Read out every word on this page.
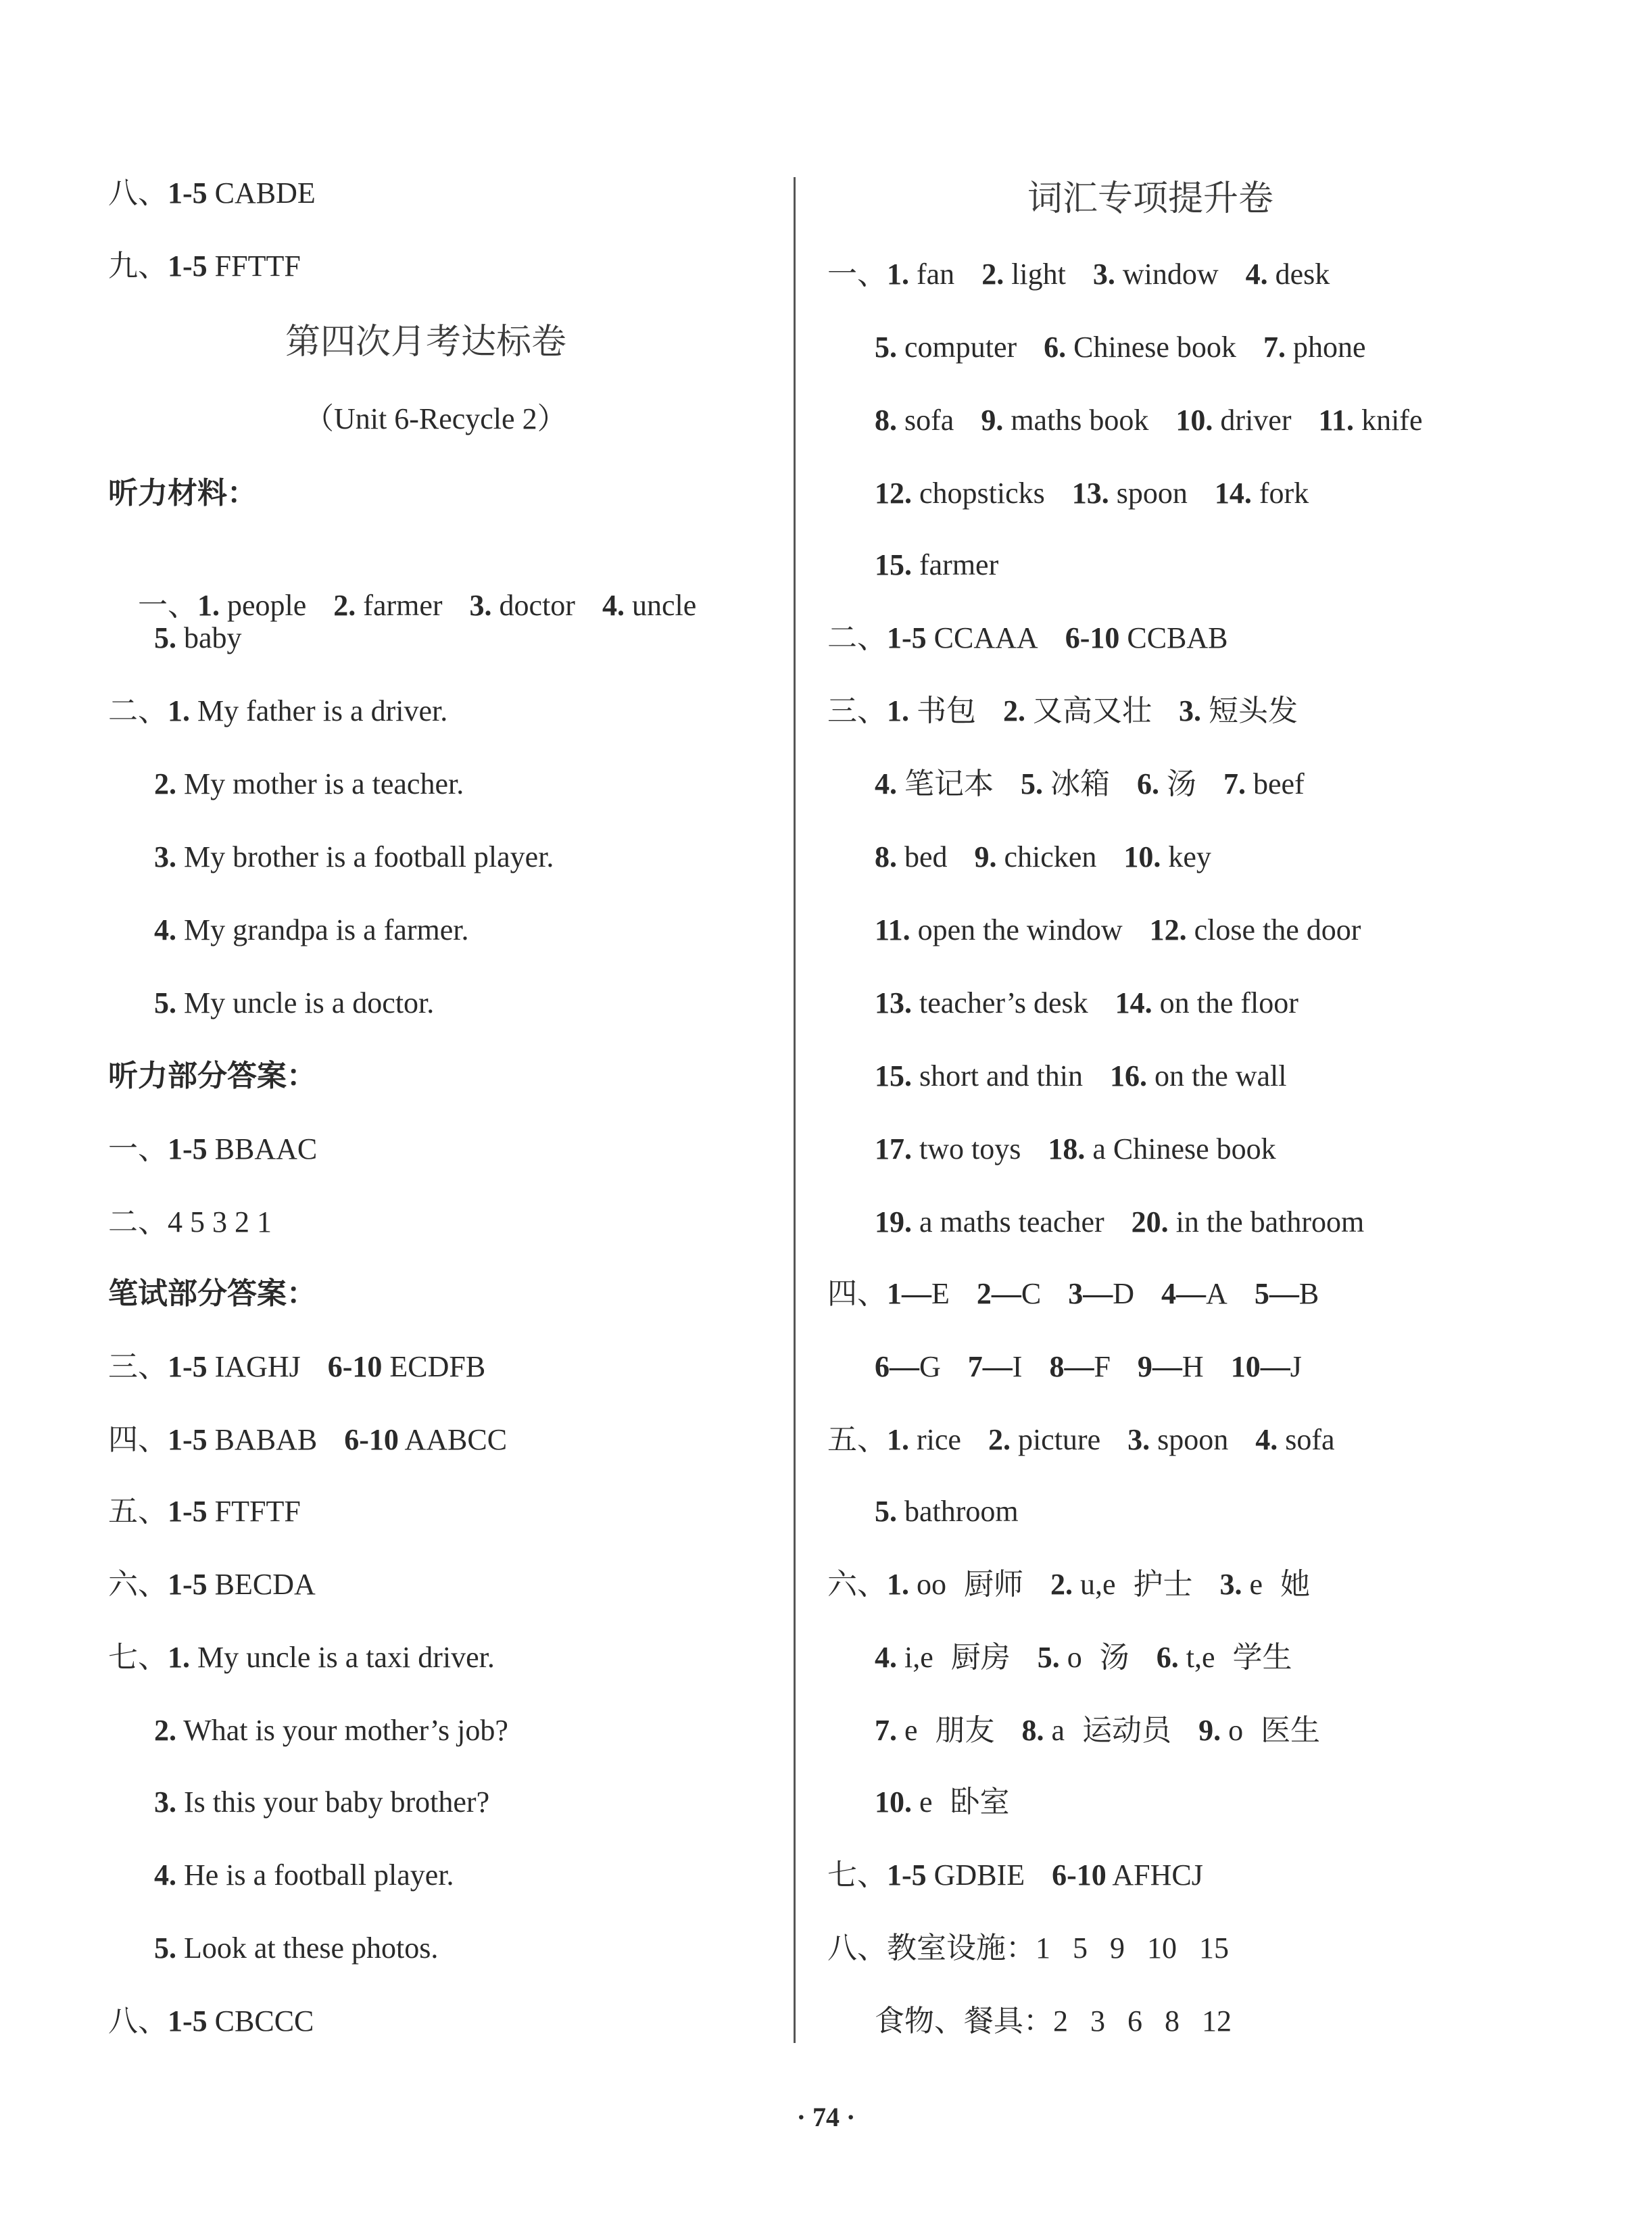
八、1-5 CABDE
九、1-5 FFTTF
第四次月考达标卷
（Unit 6-Recycle 2）
听力材料：

一、1. people 2. farmer 3. doctor 4. uncle

5. baby
二、1. My father is a driver.
2. My mother is a teacher.
3. My brother is a football player.
4. My grandpa is a farmer.
5. My uncle is a doctor.
听力部分答案：
一、1-5 BBAAC
二、4 5 3 2 1
笔试部分答案：
三、1-5 IAGHJ 6-10 ECDFB
四、1-5 BABAB 6-10 AABCC
五、1-5 FTFTF
六、1-5 BECDA
七、1. My uncle is a taxi driver.
2. What is your mother’s job?
3. Is this your baby brother?
4. He is a football player.
5. Look at these photos.
八、1-5 CBCCC
词汇专项提升卷
一、1. fan 2. light 3. window 4. desk
5. computer 6. Chinese book 7. phone
8. sofa 9. maths book 10. driver 11. knife
12. chopsticks 13. spoon 14. fork
15. farmer
二、1-5 CCAAA 6-10 CCBAB
三、1. 书包 2. 又高又壮 3. 短头发
4. 笔记本 5. 冰箱 6. 汤 7. beef
8. bed 9. chicken 10. key
11. open the window 12. close the door
13. teacher’s desk 14. on the floor
15. short and thin 16. on the wall
17. two toys 18. a Chinese book
19. a maths teacher 20. in the bathroom
四、1—E 2—C 3—D 4—A 5—B
6—G 7—I 8—F 9—H 10—J
五、1. rice 2. picture 3. spoon 4. sofa
5. bathroom
六、1. oo 厨师 2. u,e 护士 3. e 她
4. i,e 厨房 5. o 汤 6. t,e 学生
7. e 朋友 8. a 运动员 9. o 医生
10. e 卧室
七、1-5 GDBIE 6-10 AFHCJ
八、教室设施：1   5   9   10   15
食物、餐具：2   3   6   8   12
· 74 ·
